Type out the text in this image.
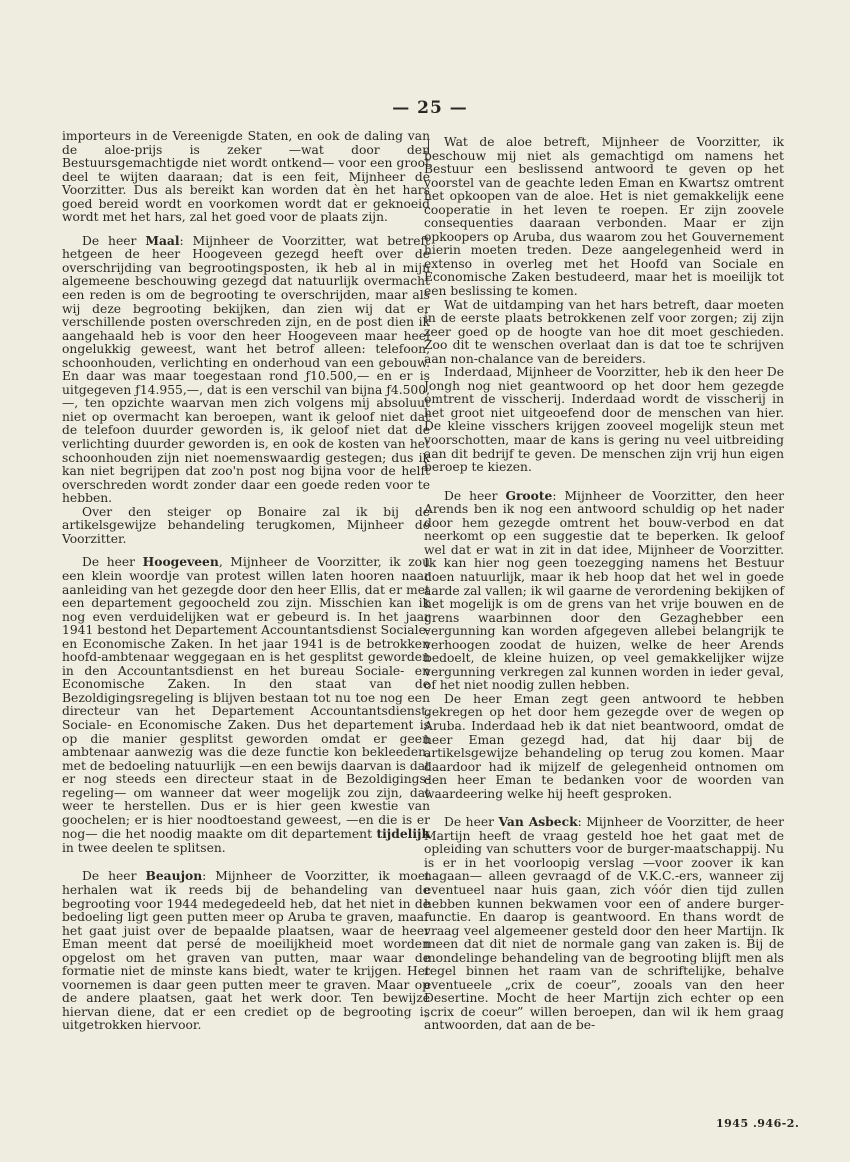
— 25 —

importeurs in de Vereenigde Staten, en ook de daling van de aloe-prijs is zeker —wat door den Bestuursgemachtigde niet wordt ontkend— voor een groot deel te wijten daaraan; dat is een feit, Mijnheer de Voorzitter. Dus als bereikt kan worden dat èn het hars goed bereid wordt en voorkomen wordt dat er geknoeid wordt met het hars, zal het goed voor de plaats zijn.

De heer Maal: Mijnheer de Voorzitter, wat betreft hetgeen de heer Hoogeveen gezegd heeft over de overschrijding van begrootingsposten, ik heb al in mijn algemeene beschouwing gezegd dat natuurlijk overmacht een reden is om de begrooting te overschrijden, maar als wij deze begrooting bekijken, dan zien wij dat er verschillende posten overschreden zijn, en de post dien ik aangehaald heb is voor den heer Hoogeveen maar heel ongelukkig geweest, want het betrof alleen: telefoon, schoonhouden, verlichting en onderhoud van een gebouw. En daar was maar toegestaan rond ƒ10.500,— en er is uitgegeven ƒ14.955,—, dat is een verschil van bijna ƒ4.500,—, ten opzichte waarvan men zich volgens mij absoluut niet op overmacht kan beroepen, want ik geloof niet dat de telefoon duurder geworden is, ik geloof niet dat de verlichting duurder geworden is, en ook de kosten van het schoonhouden zijn niet noemenswaardig gestegen; dus ik kan niet begrijpen dat zoo'n post nog bijna voor de helft overschreden wordt zonder daar een goede reden voor te hebben.

Over den steiger op Bonaire zal ik bij de artikelsgewijze behandeling terugkomen, Mijnheer de Voorzitter.

De heer Hoogeveen, Mijnheer de Voorzitter, ik zou een klein woordje van protest willen laten hooren naar aanleiding van het gezegde door den heer Ellis, dat er met een departement gegoocheld zou zijn. Misschien kan ik nog even verduidelijken wat er gebeurd is. In het jaar 1941 bestond het Departement Accountantsdienst Sociale- en Economische Zaken. In het jaar 1941 is de betrokken hoofd-ambtenaar weggegaan en is het gesplitst geworden in den Accountantsdienst en het bureau Sociale- en Economische Zaken. In den staat van de Bezoldigingsregeling is blijven bestaan tot nu toe nog een directeur van het Departement Accountantsdienst, Sociale- en Economische Zaken. Dus het departement is op die manier gesplitst geworden omdat er geen ambtenaar aanwezig was die deze functie kon bekleeden, met de bedoeling natuurlijk —en een bewijs daarvan is dat er nog steeds een directeur staat in de Bezoldigings-regeling— om wanneer dat weer mogelijk zou zijn, dat weer te herstellen. Dus er is hier geen kwestie van goochelen; er is hier noodtoestand geweest, —en die is er nog— die het noodig maakte om dit departement tijdelijk in twee deelen te splitsen.

De heer Beaujon: Mijnheer de Voorzitter, ik moet herhalen wat ik reeds bij de behandeling van de begrooting voor 1944 medegedeeld heb, dat het niet in de bedoeling ligt geen putten meer op Aruba te graven, maar het gaat juist over de bepaalde plaatsen, waar de heer Eman meent dat persé de moeilijkheid moet worden opgelost om het graven van putten, maar waar de formatie niet de minste kans biedt, water te krijgen. Het voornemen is daar geen putten meer te graven. Maar op de andere plaatsen, gaat het werk door. Ten bewijze hiervan diene, dat er een crediet op de begrooting is uitgetrokken hiervoor.

Wat de aloe betreft, Mijnheer de Voorzitter, ik beschouw mij niet als gemachtigd om namens het Bestuur een beslissend antwoord te geven op het voorstel van de geachte leden Eman en Kwartsz omtrent het opkoopen van de aloe. Het is niet gemakkelijk eene cooperatie in het leven te roepen. Er zijn zoovele consequenties daaraan verbonden. Maar er zijn opkoopers op Aruba, dus waarom zou het Gouvernement hierin moeten treden. Deze aangelegenheid werd in extenso in overleg met het Hoofd van Sociale en Economische Zaken bestudeerd, maar het is moeilijk tot een beslissing te komen.

Wat de uitdamping van het hars betreft, daar moeten in de eerste plaats betrokkenen zelf voor zorgen; zij zijn zeer goed op de hoogte van hoe dit moet geschieden. Zoo dit te wenschen overlaat dan is dat toe te schrijven aan non-chalance van de bereiders.

Inderdaad, Mijnheer de Voorzitter, heb ik den heer De Jongh nog niet geantwoord op het door hem gezegde omtrent de visscherij. Inderdaad wordt de visscherij in het groot niet uitgeoefend door de menschen van hier. De kleine visschers krijgen zooveel mogelijk steun met voorschotten, maar de kans is gering nu veel uitbreiding aan dit bedrijf te geven. De menschen zijn vrij hun eigen beroep te kiezen.

De heer Groote: Mijnheer de Voorzitter, den heer Arends ben ik nog een antwoord schuldig op het nader door hem gezegde omtrent het bouw-verbod en dat neerkomt op een suggestie dat te beperken. Ik geloof wel dat er wat in zit in dat idee, Mijnheer de Voorzitter. Ik kan hier nog geen toezegging namens het Bestuur doen natuurlijk, maar ik heb hoop dat het wel in goede aarde zal vallen; ik wil gaarne de verordening bekijken of het mogelijk is om de grens van het vrije bouwen en de grens waarbinnen door den Gezaghebber een vergunning kan worden afgegeven allebei belangrijk te verhoogen zoodat de huizen, welke de heer Arends bedoelt, de kleine huizen, op veel gemakkelijker wijze vergunning verkregen zal kunnen worden in ieder geval, of het niet noodig zullen hebben.

De heer Eman zegt geen antwoord te hebben gekregen op het door hem gezegde over de wegen op Aruba. Inderdaad heb ik dat niet beantwoord, omdat de heer Eman gezegd had, dat hij daar bij de artikelsgewijze behandeling op terug zou komen. Maar daardoor had ik mijzelf de gelegenheid ontnomen om den heer Eman te bedanken voor de woorden van waardeering welke hij heeft gesproken.

De heer Van Asbeck: Mijnheer de Voorzitter, de heer Martijn heeft de vraag gesteld hoe het gaat met de opleiding van schutters voor de burger-maatschappij. Nu is er in het voorloopig verslag —voor zoover ik kan nagaan— alleen gevraagd of de V.K.C.-ers, wanneer zij eventueel naar huis gaan, zich vóór dien tijd zullen hebben kunnen bekwamen voor een of andere burger-functie. En daarop is geantwoord. En thans wordt de vraag veel algemeener gesteld door den heer Martijn. Ik meen dat dit niet de normale gang van zaken is. Bij de mondelinge behandeling van de begrooting blijft men als regel binnen het raam van de schriftelijke, behalve eventueele „crix de coeur”, zooals van den heer Desertine. Mocht de heer Martijn zich echter op een „crix de coeur” willen beroepen, dan wil ik hem graag antwoorden, dat aan de be-

1945 .946-2.
